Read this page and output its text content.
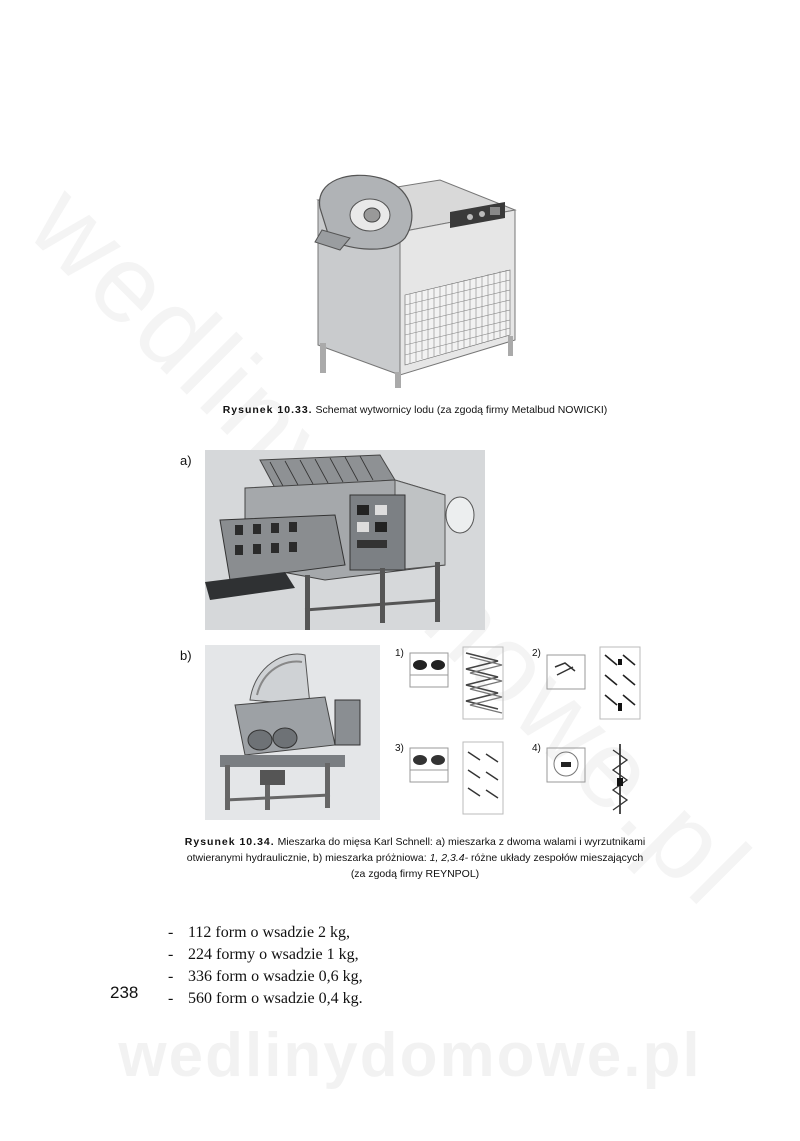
wedlinydomowe.pl
Rysunek 10.33. Schemat wytwornicy lodu (za zgodą firmy Metalbud NOWICKI)
a)
b)	1)	2)
3)	4)
Rysunek 10.34. Mieszarka do mięsa Karl Schnell: a) mieszarka z dwoma walami i wyrzutnikami
otwieranymi hydraulicznie, b) mieszarka próżniowa: 1, 2,3.4- różne układy zespołów mieszających
(za zgodą firmy REYNPOL)
- 112 form o wsadzie 2 kg,
- 224 formy o wsadzie 1 kg,
- 336 form o wsadzie 0,6 kg,
- 560 form o wsadzie 0,4 kg.
238
